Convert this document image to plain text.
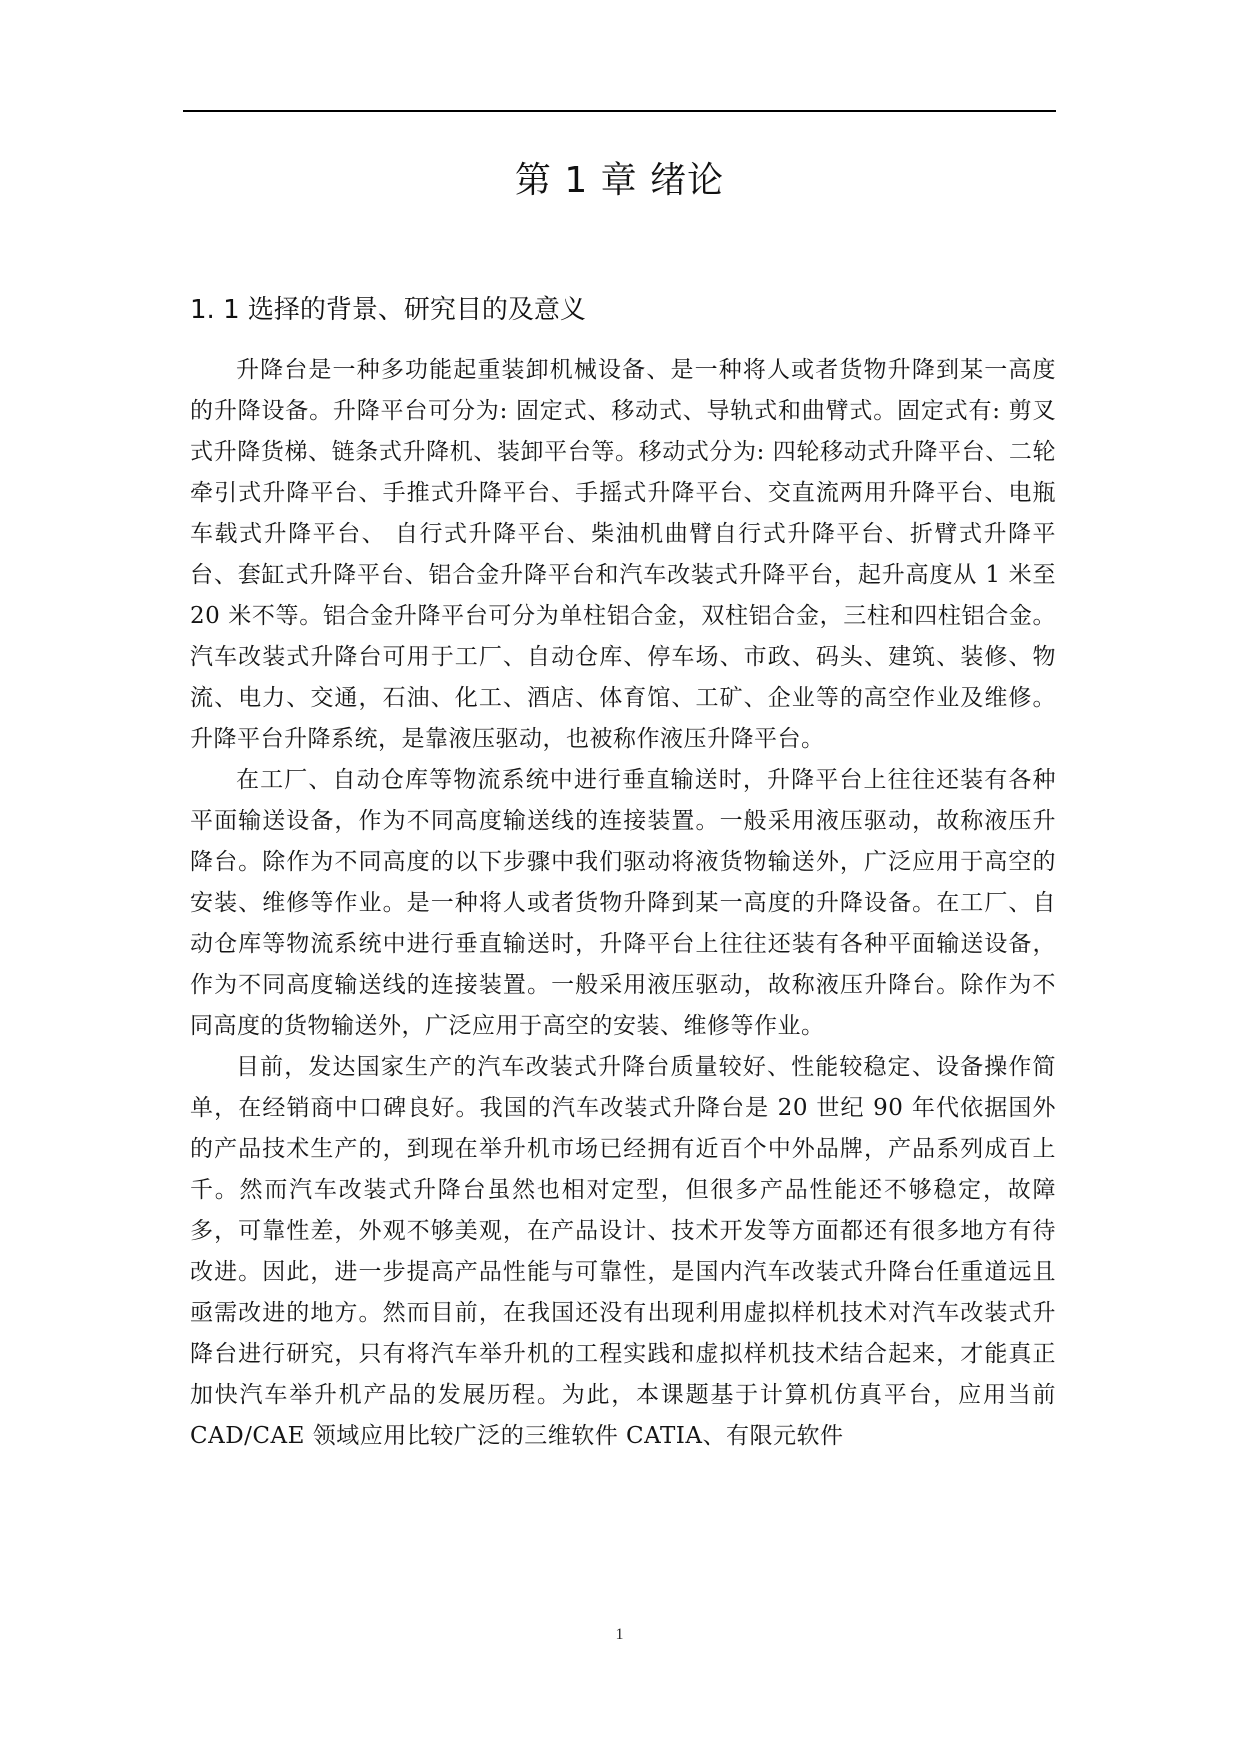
第 1 章 绪论
1. 1 选择的背景、研究目的及意义

升降台是一种多功能起重装卸机械设备、是一种将人或者货物升降到某一高度的升降设备。升降平台可分为: 固定式、移动式、导轨式和曲臂式。固定式有: 剪叉式升降货梯、链条式升降机、装卸平台等。移动式分为: 四轮移动式升降平台、二轮牵引式升降平台、手推式升降平台、手摇式升降平台、交直流两用升降平台、电瓶车载式升降平台、 自行式升降平台、柴油机曲臂自行式升降平台、折臂式升降平台、套缸式升降平台、铝合金升降平台和汽车改装式升降平台，起升高度从 1 米至 20 米不等。铝合金升降平台可分为单柱铝合金，双柱铝合金，三柱和四柱铝合金。汽车改装式升降台可用于工厂、自动仓库、停车场、市政、码头、建筑、装修、物流、电力、交通，石油、化工、酒店、体育馆、工矿、企业等的高空作业及维修。升降平台升降系统，是靠液压驱动，也被称作液压升降平台。

在工厂、自动仓库等物流系统中进行垂直输送时，升降平台上往往还装有各种平面输送设备，作为不同高度输送线的连接装置。一般采用液压驱动，故称液压升降台。除作为不同高度的以下步骤中我们驱动将液货物输送外，广泛应用于高空的安装、维修等作业。是一种将人或者货物升降到某一高度的升降设备。在工厂、自动仓库等物流系统中进行垂直输送时，升降平台上往往还装有各种平面输送设备，作为不同高度输送线的连接装置。一般采用液压驱动，故称液压升降台。除作为不同高度的货物输送外，广泛应用于高空的安装、维修等作业。

目前，发达国家生产的汽车改装式升降台质量较好、性能较稳定、设备操作简单，在经销商中口碑良好。我国的汽车改装式升降台是 20 世纪 90 年代依据国外的产品技术生产的，到现在举升机市场已经拥有近百个中外品牌，产品系列成百上千。然而汽车改装式升降台虽然也相对定型，但很多产品性能还不够稳定，故障多，可靠性差，外观不够美观，在产品设计、技术开发等方面都还有很多地方有待改进。因此，进一步提高产品性能与可靠性，是国内汽车改装式升降台任重道远且亟需改进的地方。然而目前，在我国还没有出现利用虚拟样机技术对汽车改装式升降台进行研究，只有将汽车举升机的工程实践和虚拟样机技术结合起来，才能真正加快汽车举升机产品的发展历程。为此，本课题基于计算机仿真平台，应用当前 CAD/CAE 领域应用比较广泛的三维软件 CATIA、有限元软件

1
